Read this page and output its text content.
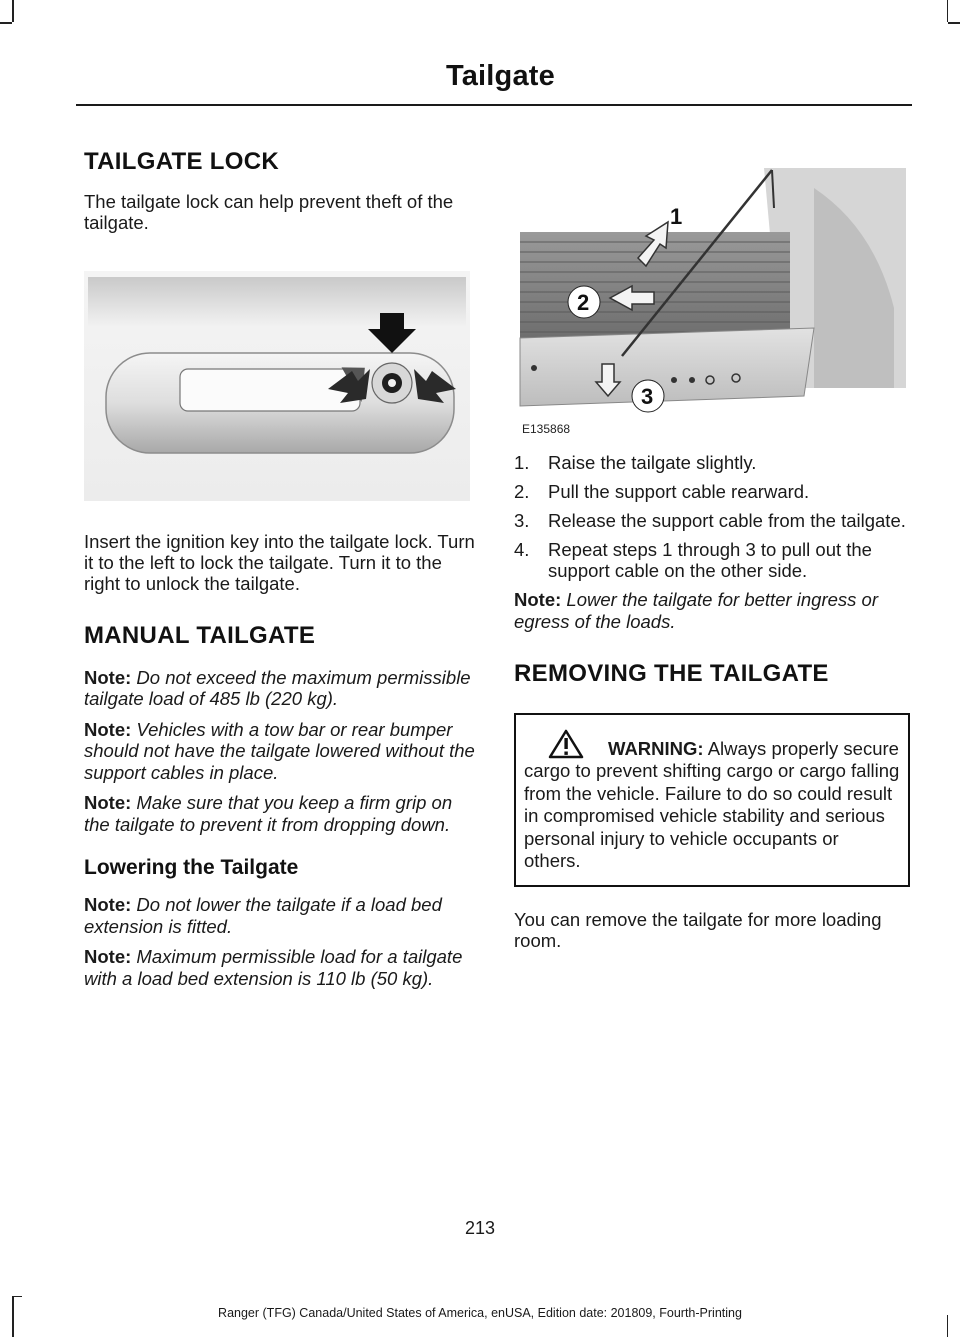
Tailgate
TAILGATE LOCK

The tailgate lock can help prevent theft of the tailgate.

Insert the ignition key into the tailgate lock. Turn it to the left to lock the tailgate. Turn it to the right to unlock the tailgate.

MANUAL TAILGATE

Note: Do not exceed the maximum permissible tailgate load of 485 lb (220 kg).

Note: Vehicles with a tow bar or rear bumper should not have the tailgate lowered without the support cables in place.

Note: Make sure that you keep a firm grip on the tailgate to prevent it from dropping down.

Lowering the Tailgate

Note: Do not lower the tailgate if a load bed extension is fitted.

Note: Maximum permissible load for a tailgate with a load bed extension is 110 lb (50 kg).

1
2
3
E135868
1. Raise the tailgate slightly.
2. Pull the support cable rearward.
3. Release the support cable from the tailgate.
4. Repeat steps 1 through 3 to pull out the support cable on the other side.

Note: Lower the tailgate for better ingress or egress of the loads.

REMOVING THE TAILGATE

WARNING: Always properly secure cargo to prevent shifting cargo or cargo falling from the vehicle. Failure to do so could result in compromised vehicle stability and serious personal injury to vehicle occupants or others.

You can remove the tailgate for more loading room.

213
Ranger (TFG) Canada/United States of America, enUSA, Edition date: 201809, Fourth-Printing
